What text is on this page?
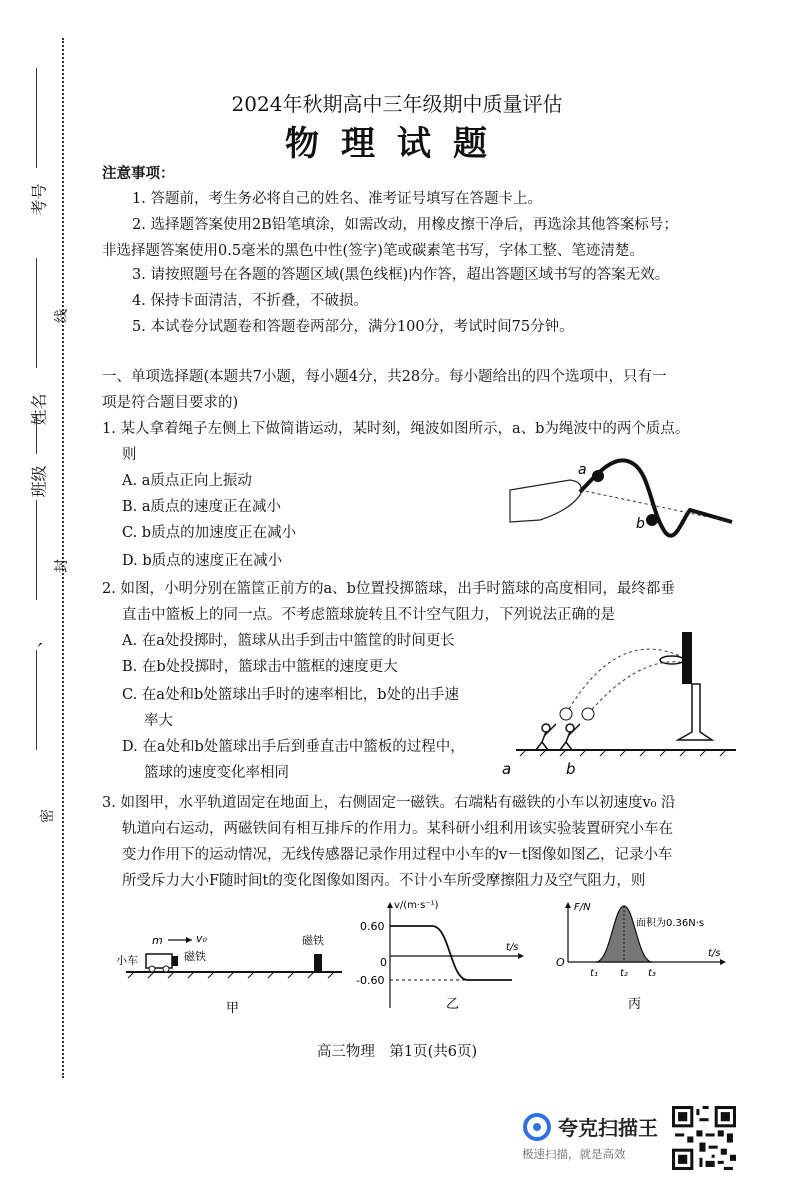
考号
姓名
班级
、
线
封
密
2024年秋期高中三年级期中质量评估
物理试题
注意事项：
1. 答题前，考生务必将自己的姓名、准考证号填写在答题卡上。
2. 选择题答案使用2B铅笔填涂，如需改动，用橡皮擦干净后，再选涂其他答案标号；
非选择题答案使用0.5毫米的黑色中性(签字)笔或碳素笔书写，字体工整、笔迹清楚。
3. 请按照题号在各题的答题区域(黑色线框)内作答，超出答题区域书写的答案无效。
4. 保持卡面清洁，不折叠，不破损。
5. 本试卷分试题卷和答题卷两部分，满分100分，考试时间75分钟。
一、单项选择题(本题共7小题，每小题4分，共28分。每小题给出的四个选项中，只有一
项是符合题目要求的)
1. 某人拿着绳子左侧上下做简谐运动，某时刻，绳波如图所示，a、b为绳波中的两个质点。
则
A. a质点正向上振动
B. a质点的速度正在减小
C. b质点的加速度正在减小
D. b质点的速度正在减小
a
b
2. 如图，小明分别在篮筐正前方的a、b位置投掷篮球，出手时篮球的高度相同，最终都垂
直击中篮板上的同一点。不考虑篮球旋转且不计空气阻力，下列说法正确的是
A. 在a处投掷时，篮球从出手到击中篮筐的时间更长
B. 在b处投掷时，篮球击中篮框的速度更大
C. 在a处和b处篮球出手时的速率相比，b处的出手速
率大
D. 在a处和b处篮球出手后到垂直击中篮板的过程中，
篮球的速度变化率相同	a	b
3. 如图甲，水平轨道固定在地面上，右侧固定一磁铁。右端粘有磁铁的小车以初速度v₀ 沿
轨道向右运动，两磁铁间有相互排斥的作用力。某科研小组利用该实验装置研究小车在
变力作用下的运动情况，无线传感器记录作用过程中小车的v－t图像如图乙，记录小车
所受斥力大小F随时间t的变化图像如图丙。不计小车所受摩擦阻力及空气阻力，则
小车
m	v₀
磁铁
磁铁
甲
v/(m·s⁻¹)
t/s
0.60
-0.60
0
乙
F/N
t/s
O
面积为0.36N·s
t₁ t₂ t₃
丙
高三物理　第1页(共6页)
夸克扫描王
极速扫描，就是高效
